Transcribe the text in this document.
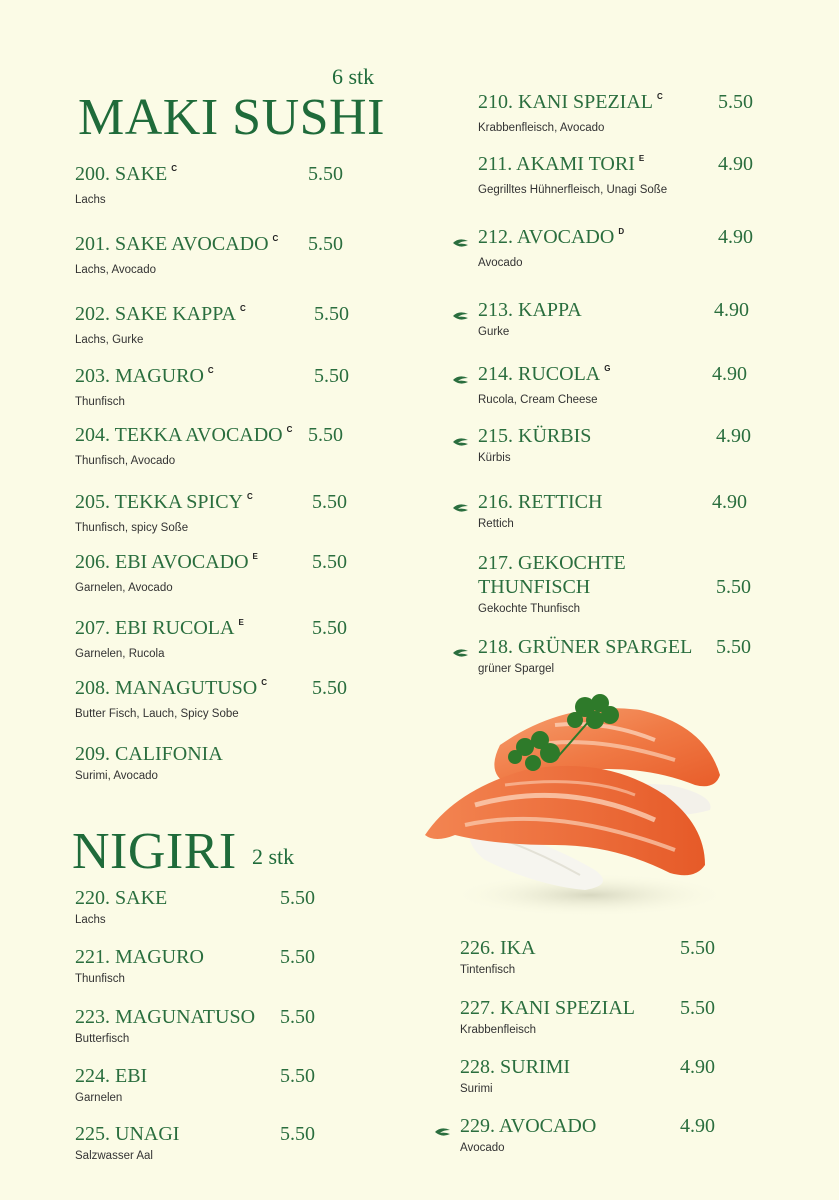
MAKI SUSHI
6 stk
NIGIRI 2 stk
200. SAKE $^C$
Lachs
5.50
201. SAKE AVOCADO $^C$
Lachs, Avocado
5.50
202. SAKE KAPPA $^C$
Lachs, Gurke
5.50
203. MAGURO $^C$
Thunfisch
5.50
204. TEKKA AVOCADO $^C$
Thunfisch, Avocado
5.50
205. TEKKA SPICY $^C$
Thunfisch, spicy Soße
5.50
206. EBI AVOCADO $^E$
Garnelen, Avocado
5.50
207. EBI RUCOLA $^E$
Garnelen, Rucola
5.50
208. MANAGUTUSO $^C$
Butter Fisch, Lauch, Spicy Sobe
5.50
209. CALIFONIA
Surimi, Avocado
210. KANI SPEZIAL $^C$
Krabbenfleisch, Avocado
5.50
211. AKAMI TORI $^E$
Gegrilltes Hühnerfleisch, Unagi Soße
4.90
212. AVOCADO $^D$
Avocado
4.90
213. KAPPA
Gurke
4.90
214. RUCOLA $^G$
Rucola, Cream Cheese
4.90
215. KÜRBIS
Kürbis
4.90
216. RETTICH
Rettich
4.90
217. GEKOCHTE
THUNFISCH
Gekochte Thunfisch
5.50
218. GRÜNER SPARGEL
grüner Spargel
5.50
220. SAKE
Lachs
5.50
221. MAGURO
Thunfisch
5.50
223. MAGUNATUSO
Butterfisch
5.50
224. EBI
Garnelen
5.50
225. UNAGI
Salzwasser Aal
5.50
226. IKA
Tintenfisch
5.50
227. KANI SPEZIAL
Krabbenfleisch
5.50
228. SURIMI
Surimi
4.90
229. AVOCADO
Avocado
4.90
